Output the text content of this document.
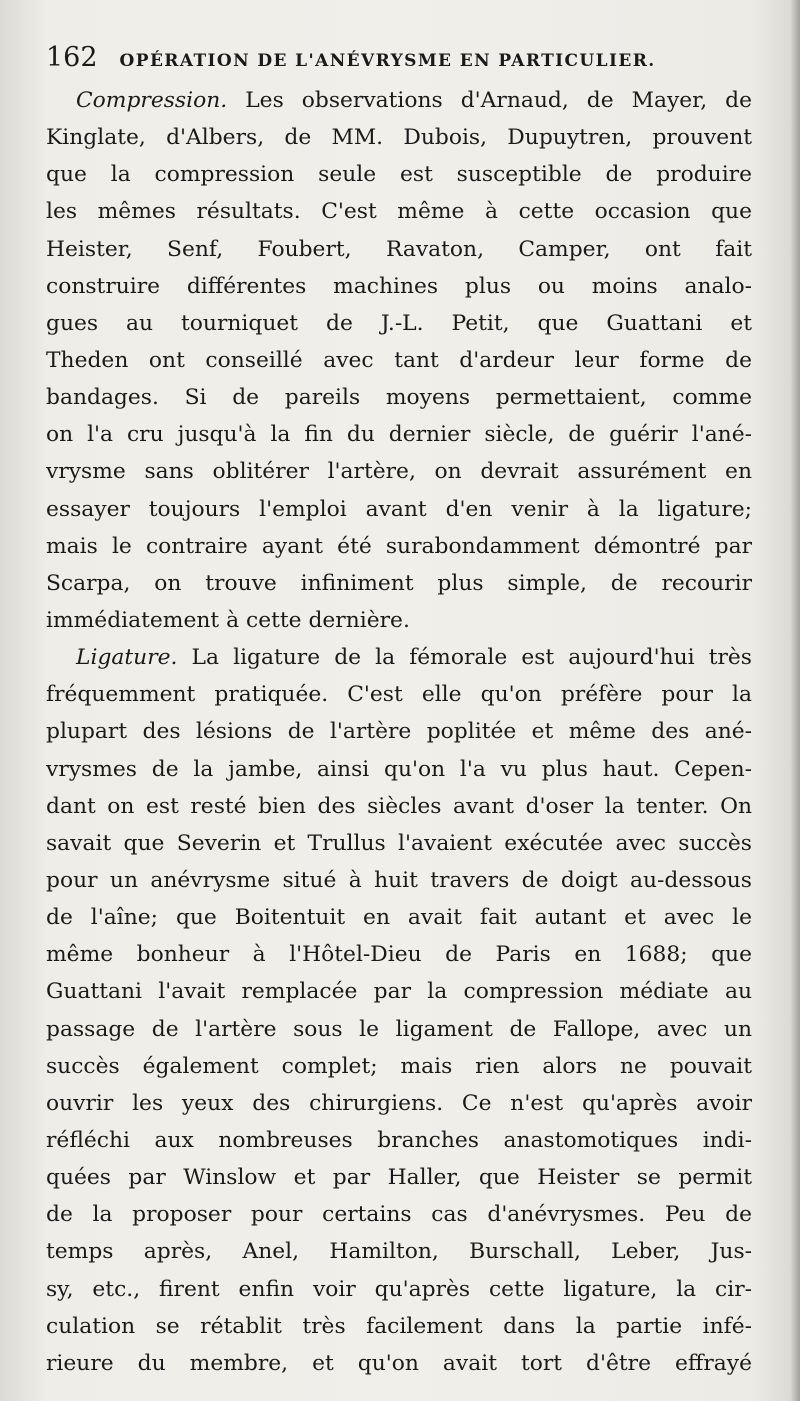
162 OPÉRATION DE L'ANÉVRYSME EN PARTICULIER.
Compression. Les observations d'Arnaud, de Mayer, de
Kinglate, d'Albers, de MM. Dubois, Dupuytren, prouvent
que la compression seule est susceptible de produire
les mêmes résultats. C'est même à cette occasion que
Heister, Senf, Foubert, Ravaton, Camper, ont fait
construire différentes machines plus ou moins analo-
gues au tourniquet de J.-L. Petit, que Guattani et
Theden ont conseillé avec tant d'ardeur leur forme de
bandages. Si de pareils moyens permettaient, comme
on l'a cru jusqu'à la fin du dernier siècle, de guérir l'ané-
vrysme sans oblitérer l'artère, on devrait assurément en
essayer toujours l'emploi avant d'en venir à la ligature;
mais le contraire ayant été surabondamment démontré par
Scarpa, on trouve infiniment plus simple, de recourir
immédiatement à cette dernière.
Ligature. La ligature de la fémorale est aujourd'hui très
fréquemment pratiquée. C'est elle qu'on préfère pour la
plupart des lésions de l'artère poplitée et même des ané-
vrysmes de la jambe, ainsi qu'on l'a vu plus haut. Cepen-
dant on est resté bien des siècles avant d'oser la tenter. On
savait que Severin et Trullus l'avaient exécutée avec succès
pour un anévrysme situé à huit travers de doigt au-dessous
de l'aîne; que Boitentuit en avait fait autant et avec le
même bonheur à l'Hôtel-Dieu de Paris en 1688; que
Guattani l'avait remplacée par la compression médiate au
passage de l'artère sous le ligament de Fallope, avec un
succès également complet; mais rien alors ne pouvait
ouvrir les yeux des chirurgiens. Ce n'est qu'après avoir
réfléchi aux nombreuses branches anastomotiques indi-
quées par Winslow et par Haller, que Heister se permit
de la proposer pour certains cas d'anévrysmes. Peu de
temps après, Anel, Hamilton, Burschall, Leber, Jus-
sy, etc., firent enfin voir qu'après cette ligature, la cir-
culation se rétablit très facilement dans la partie infé-
rieure du membre, et qu'on avait tort d'être effrayé
